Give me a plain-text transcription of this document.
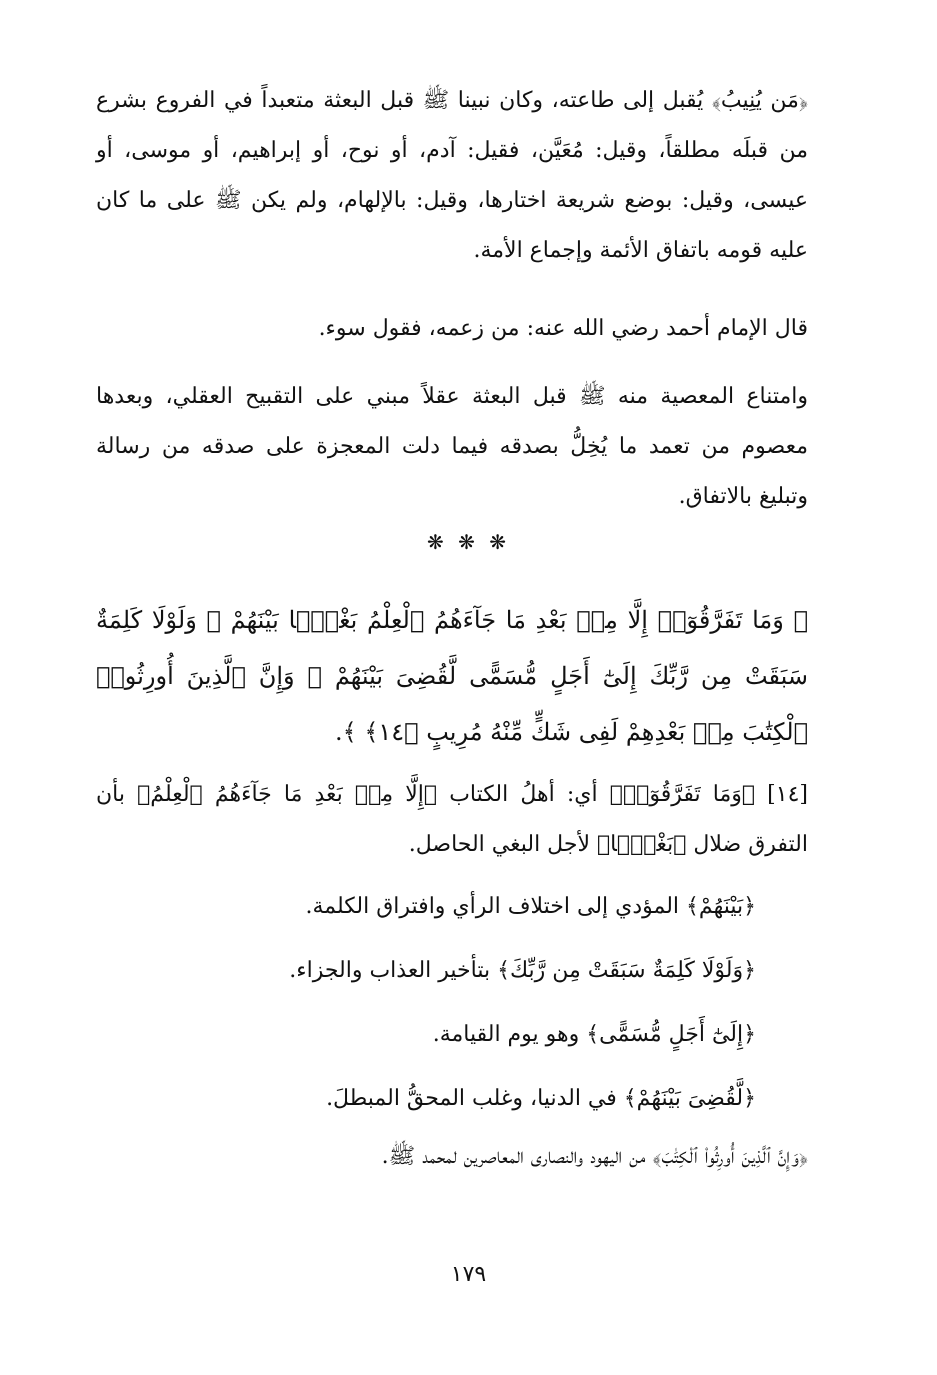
﴿مَن يُنِيبُ﴾ يُقبل إلى طاعته، وكان نبينا ﷺ قبل البعثة متعبداً في الفروع بشرع من قبلَه مطلقاً، وقيل: مُعَيَّن، فقيل: آدم، أو نوح، أو إبراهيم، أو موسى، أو عيسى، وقيل: بوضع شريعة اختارها، وقيل: بالإلهام، ولم يكن ﷺ على ما كان عليه قومه باتفاق الأئمة وإجماع الأمة.

قال الإمام أحمد رضي الله عنه: من زعمه، فقول سوء.

وامتناع المعصية منه ﷺ قبل البعثة عقلاً مبني على التقبيح العقلي، وبعدها معصوم من تعمد ما يُخِلُّ بصدقه فيما دلت المعجزة على صدقه من رسالة وتبليغ بالاتفاق.

❋ ❋ ❋
﴿ وَمَا تَفَرَّقُوٓا۟ إِلَّا مِنۢ بَعْدِ مَا جَآءَهُمُ ٱلْعِلْمُ بَغْيًۢا بَيْنَهُمْ ۚ وَلَوْلَا كَلِمَةٌ سَبَقَتْ مِن رَّبِّكَ إِلَىٰٓ أَجَلٍ مُّسَمًّى لَّقُضِىَ بَيْنَهُمْ ۚ وَإِنَّ ٱلَّذِينَ أُورِثُوا۟ ٱلْكِتَٰبَ مِنۢ بَعْدِهِمْ لَفِى شَكٍّ مِّنْهُ مُرِيبٍ ﴿١٤﴾ ﴾.

[١٤] ﴿وَمَا تَفَرَّقُوٓا۟﴾ أي: أهلُ الكتاب ﴿إِلَّا مِنۢ بَعْدِ مَا جَآءَهُمُ ٱلْعِلْمُ﴾ بأن التفرق ضلال ﴿بَغْيًۢا﴾ لأجل البغي الحاصل.

﴿بَيْنَهُمْ﴾ المؤدي إلى اختلاف الرأي وافتراق الكلمة.
﴿وَلَوْلَا كَلِمَةٌ سَبَقَتْ مِن رَّبِّكَ﴾ بتأخير العذاب والجزاء.
﴿إِلَىٰٓ أَجَلٍ مُّسَمًّى﴾ وهو يوم القيامة.
﴿لَّقُضِىَ بَيْنَهُمْ﴾ في الدنيا، وغلب المحقُّ المبطلَ.

﴿وَإِنَّ ٱلَّذِينَ أُورِثُوا۟ ٱلْكِتَٰبَ﴾ من اليهود والنصارى المعاصرين لمحمد ﷺ.

١٧٩
